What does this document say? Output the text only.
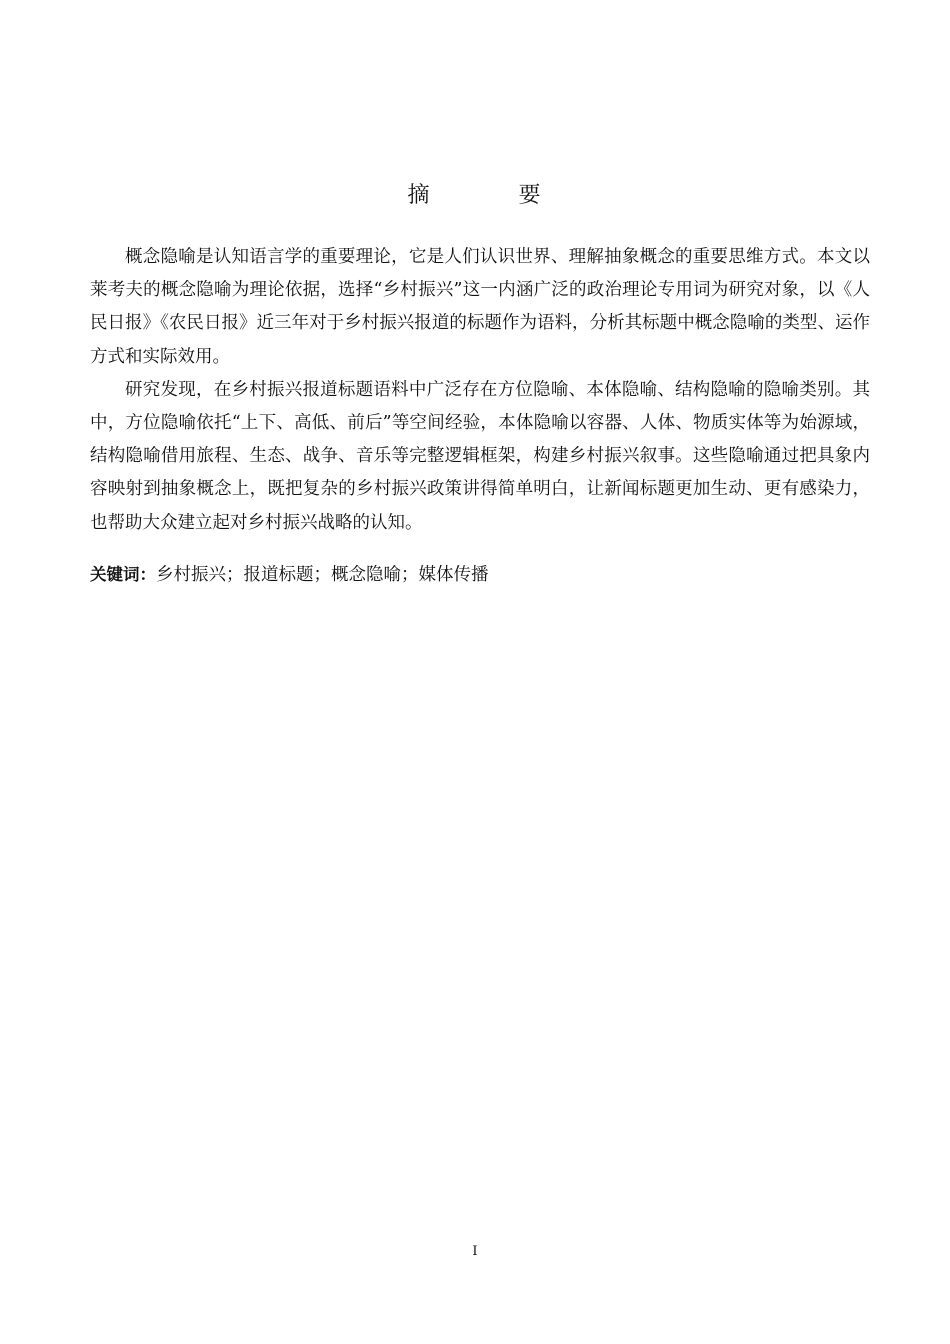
摘	要

概念隐喻是认知语言学的重要理论，它是人们认识世界、理解抽象概念的重要思维方式。本文以莱考夫的概念隐喻为理论依据，选择“乡村振兴”这一内涵广泛的政治理论专用词为研究对象，以《人民日报》《农民日报》近三年对于乡村振兴报道的标题作为语料，分析其标题中概念隐喻的类型、运作方式和实际效用。

研究发现，在乡村振兴报道标题语料中广泛存在方位隐喻、本体隐喻、结构隐喻的隐喻类别。其中，方位隐喻依托“上下、高低、前后”等空间经验，本体隐喻以容器、人体、物质实体等为始源域，结构隐喻借用旅程、生态、战争、音乐等完整逻辑框架，构建乡村振兴叙事。这些隐喻通过把具象内容映射到抽象概念上，既把复杂的乡村振兴政策讲得简单明白，让新闻标题更加生动、更有感染力，也帮助大众建立起对乡村振兴战略的认知。

关键词：乡村振兴；报道标题；概念隐喻；媒体传播
I
